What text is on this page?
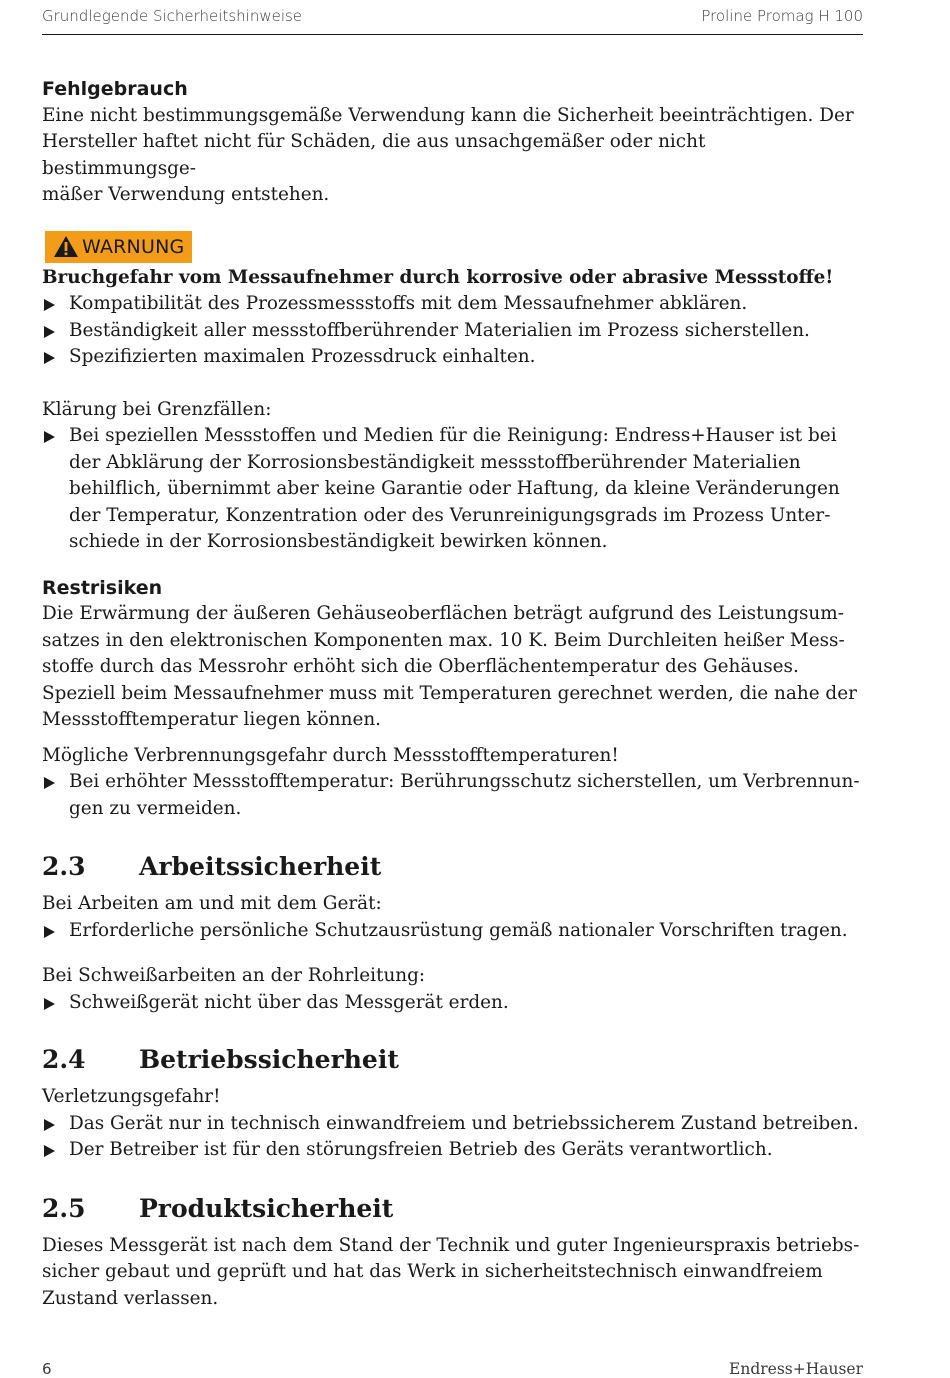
Grundlegende Sicherheitshinweise	Proline Promag H 100
Fehlgebrauch

Eine nicht bestimmungsgemäße Verwendung kann die Sicherheit beeinträchtigen. Der

Hersteller haftet nicht für Schäden, die aus unsachgemäßer oder nicht bestimmungsge-

mäßer Verwendung entstehen.

WARNUNG

Bruchgefahr vom Messaufnehmer durch korrosive oder abrasive Messstoffe!

Kompatibilität des Prozessmessstoffs mit dem Messaufnehmer abklären.
Beständigkeit aller messstoffberührender Materialien im Prozess sicherstellen.
Spezifizierten maximalen Prozessdruck einhalten.

Klärung bei Grenzfällen:

Bei speziellen Messstoffen und Medien für die Reinigung: Endress+Hauser ist bei
der Abklärung der Korrosionsbeständigkeit messstoffberührender Materialien
behilflich, übernimmt aber keine Garantie oder Haftung, da kleine Veränderungen
der Temperatur, Konzentration oder des Verunreinigungsgrads im Prozess Unter-
schiede in der Korrosionsbeständigkeit bewirken können.
Restrisiken

Die Erwärmung der äußeren Gehäuseoberflächen beträgt aufgrund des Leistungsum-

satzes in den elektronischen Komponenten max. 10 K. Beim Durchleiten heißer Mess-

stoffe durch das Messrohr erhöht sich die Oberflächentemperatur des Gehäuses.

Speziell beim Messaufnehmer muss mit Temperaturen gerechnet werden, die nahe der

Messstofftemperatur liegen können.

Mögliche Verbrennungsgefahr durch Messstofftemperaturen!

Bei erhöhter Messstofftemperatur: Berührungsschutz sicherstellen, um Verbrennun-
gen zu vermeiden.
2.3	Arbeitssicherheit

Bei Arbeiten am und mit dem Gerät:

Erforderliche persönliche Schutzausrüstung gemäß nationaler Vorschriften tragen.

Bei Schweißarbeiten an der Rohrleitung:

Schweißgerät nicht über das Messgerät erden.
2.4	Betriebssicherheit

Verletzungsgefahr!

Das Gerät nur in technisch einwandfreiem und betriebssicherem Zustand betreiben.
Der Betreiber ist für den störungsfreien Betrieb des Geräts verantwortlich.
2.5	Produktsicherheit

Dieses Messgerät ist nach dem Stand der Technik und guter Ingenieurspraxis betriebs-

sicher gebaut und geprüft und hat das Werk in sicherheitstechnisch einwandfreiem

Zustand verlassen.

6	Endress+Hauser
